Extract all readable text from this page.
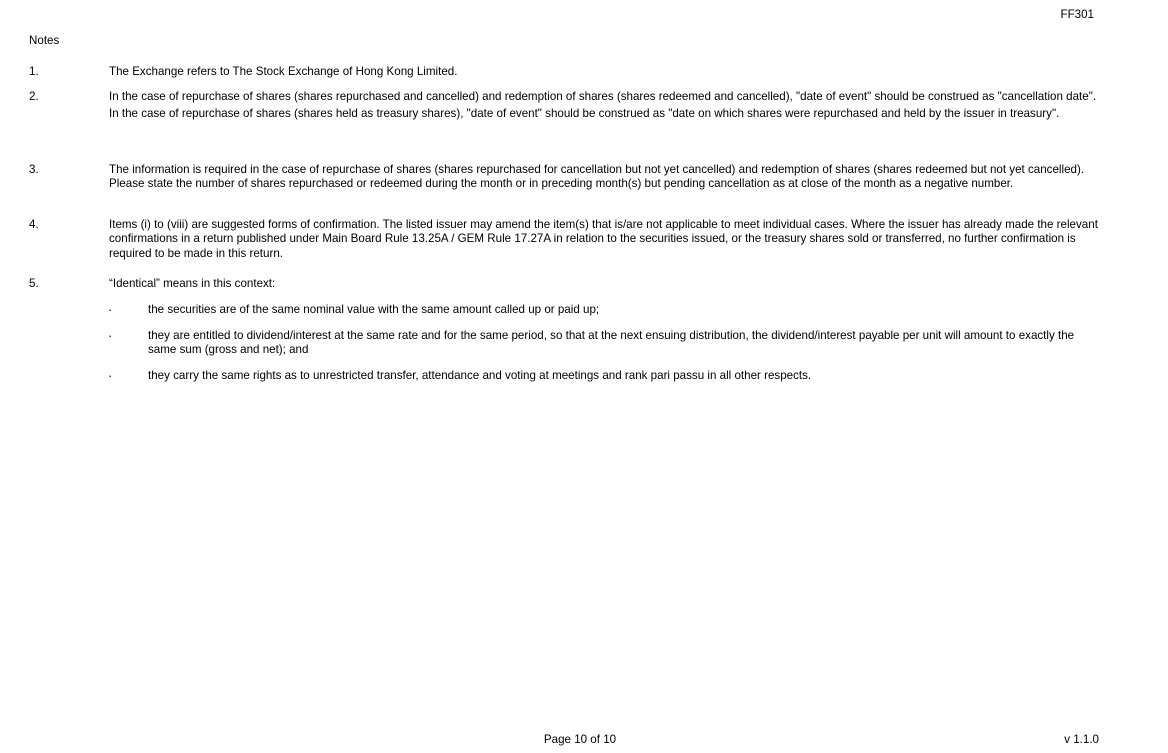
FF301
Notes
1.	The Exchange refers to The Stock Exchange of Hong Kong Limited.
2.	In the case of repurchase of shares (shares repurchased and cancelled) and redemption of shares (shares redeemed and cancelled), "date of event" should be construed as "cancellation date".
In the case of repurchase of shares (shares held as treasury shares), "date of event" should be construed as "date on which shares were repurchased and held by the issuer in treasury".
3.	The information is required in the case of repurchase of shares (shares repurchased for cancellation but not yet cancelled) and redemption of shares (shares redeemed but not yet cancelled). Please state the number of shares repurchased or redeemed during the month or in preceding month(s) but pending cancellation as at close of the month as a negative number.
4.	Items (i) to (viii) are suggested forms of confirmation. The listed issuer may amend the item(s) that is/are not applicable to meet individual cases. Where the issuer has already made the relevant confirmations in a return published under Main Board Rule 13.25A / GEM Rule 17.27A in relation to the securities issued, or the treasury shares sold or transferred, no further confirmation is required to be made in this return.
5.	“Identical” means in this context:
·	the securities are of the same nominal value with the same amount called up or paid up;
·	they are entitled to dividend/interest at the same rate and for the same period, so that at the next ensuing distribution, the dividend/interest payable per unit will amount to exactly the same sum (gross and net); and
·	they carry the same rights as to unrestricted transfer, attendance and voting at meetings and rank pari passu in all other respects.
Page 10 of 10	v 1.1.0
